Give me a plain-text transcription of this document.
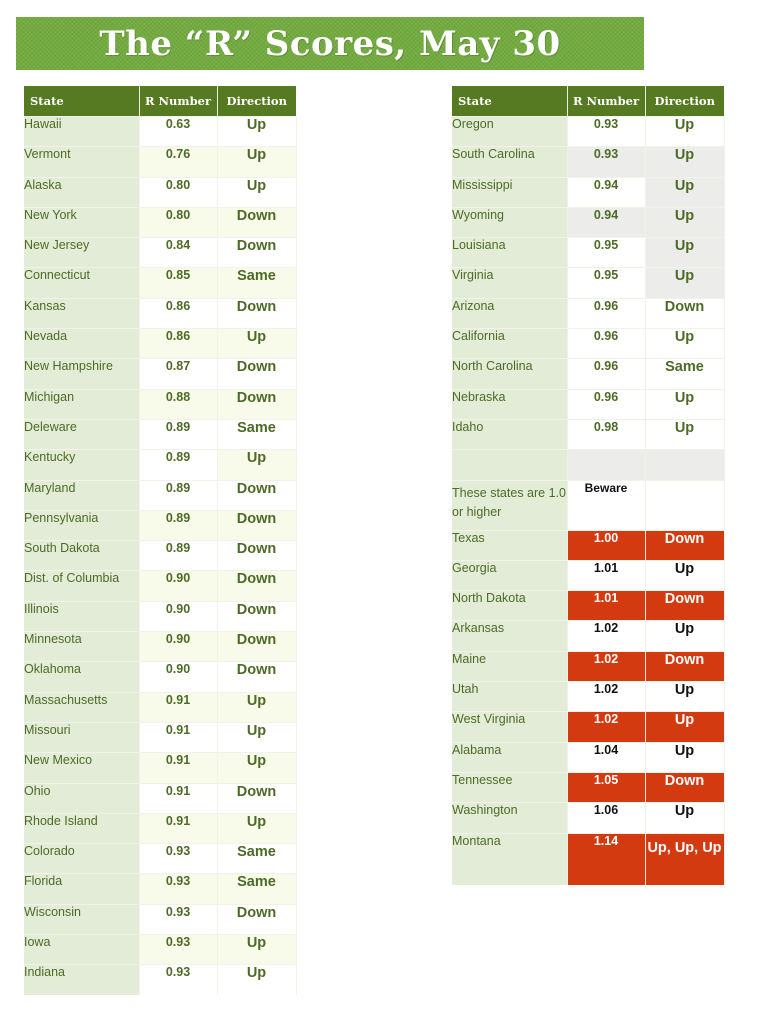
The “R” Scores, May 30
State	R Number	Direction
Hawaii	0.63	Up
Vermont	0.76	Up
Alaska	0.80	Up
New York	0.80	Down
New Jersey	0.84	Down
Connecticut	0.85	Same
Kansas	0.86	Down
Nevada	0.86	Up
New Hampshire	0.87	Down
Michigan	0.88	Down
Deleware	0.89	Same
Kentucky	0.89	Up
Maryland	0.89	Down
Pennsylvania	0.89	Down
South Dakota	0.89	Down
Dist. of Columbia	0.90	Down
Illinois	0.90	Down
Minnesota	0.90	Down
Oklahoma	0.90	Down
Massachusetts	0.91	Up
Missouri	0.91	Up
New Mexico	0.91	Up
Ohio	0.91	Down
Rhode Island	0.91	Up
Colorado	0.93	Same
Florida	0.93	Same
Wisconsin	0.93	Down
Iowa	0.93	Up
Indiana	0.93	Up
State	R Number	Direction
Oregon	0.93	Up
South Carolina	0.93	Up
Mississippi	0.94	Up
Wyoming	0.94	Up
Louisiana	0.95	Up
Virginia	0.95	Up
Arizona	0.96	Down
California	0.96	Up
North Carolina	0.96	Same
Nebraska	0.96	Up
Idaho	0.98	Up

These states are 1.0 or higher	Beware	
Texas	1.00	Down
Georgia	1.01	Up
North Dakota	1.01	Down
Arkansas	1.02	Up
Maine	1.02	Down
Utah	1.02	Up
West Virginia	1.02	Up
Alabama	1.04	Up
Tennessee	1.05	Down
Washington	1.06	Up
Montana	1.14	Up, Up, Up
